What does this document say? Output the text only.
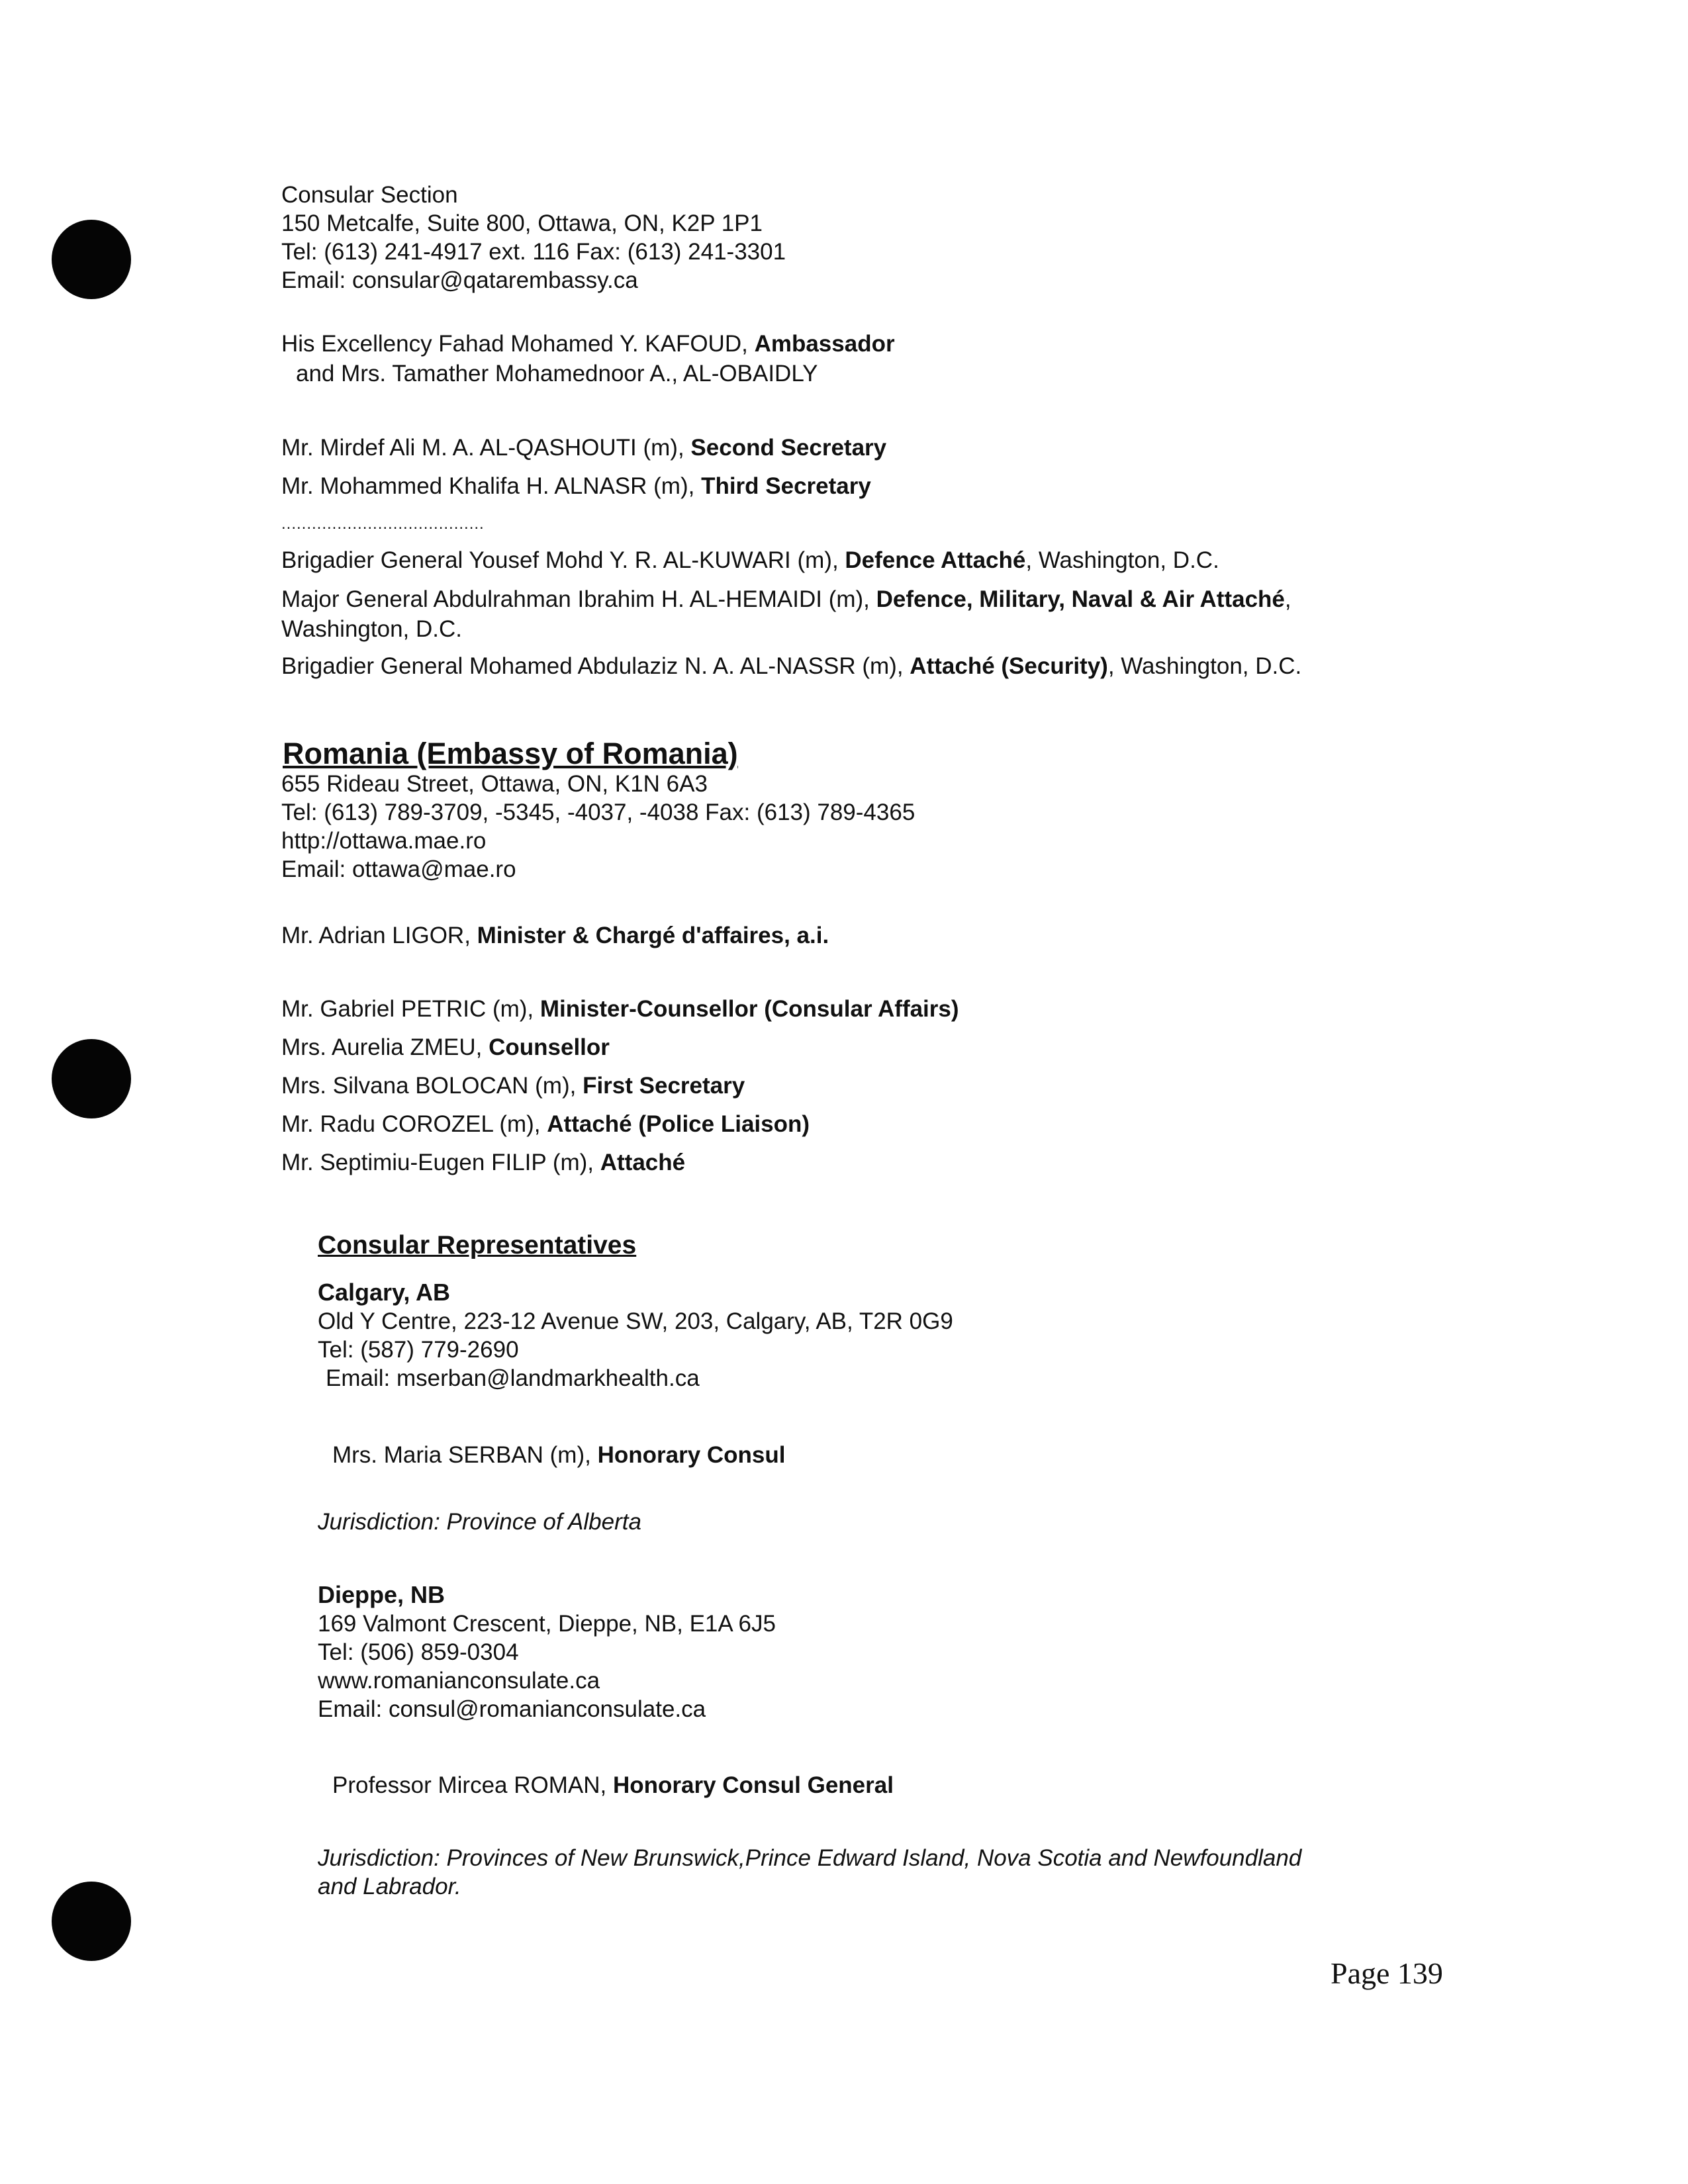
Consular Section
150 Metcalfe, Suite 800, Ottawa, ON, K2P 1P1
Tel: (613) 241-4917 ext. 116 Fax: (613) 241-3301
Email: consular@qatarembassy.ca
His Excellency Fahad Mohamed Y. KAFOUD, Ambassador
and Mrs. Tamather Mohamednoor A., AL-OBAIDLY
Mr. Mirdef Ali M. A. AL-QASHOUTI (m), Second Secretary
Mr. Mohammed Khalifa H. ALNASR (m), Third Secretary
........................................
Brigadier General Yousef Mohd Y. R. AL-KUWARI (m), Defence Attaché, Washington, D.C.
Major General Abdulrahman Ibrahim H. AL-HEMAIDI (m), Defence, Military, Naval & Air Attaché,
Washington, D.C.
Brigadier General Mohamed Abdulaziz N. A. AL-NASSR (m), Attaché (Security), Washington, D.C.
Romania (Embassy of Romania)
655 Rideau Street, Ottawa, ON, K1N 6A3
Tel: (613) 789-3709, -5345, -4037, -4038 Fax: (613) 789-4365
http://ottawa.mae.ro
Email: ottawa@mae.ro
Mr. Adrian LIGOR, Minister & Chargé d'affaires, a.i.
Mr. Gabriel PETRIC (m), Minister-Counsellor (Consular Affairs)
Mrs. Aurelia ZMEU, Counsellor
Mrs. Silvana BOLOCAN (m), First Secretary
Mr. Radu COROZEL (m), Attaché (Police Liaison)
Mr. Septimiu-Eugen FILIP (m), Attaché
Consular Representatives
Calgary, AB
Old Y Centre, 223-12 Avenue SW, 203, Calgary, AB, T2R 0G9
Tel: (587) 779-2690
Email: mserban@landmarkhealth.ca
Mrs. Maria SERBAN (m), Honorary Consul
Jurisdiction: Province of Alberta
Dieppe, NB
169 Valmont Crescent, Dieppe, NB, E1A 6J5
Tel: (506) 859-0304
www.romanianconsulate.ca
Email: consul@romanianconsulate.ca
Professor Mircea ROMAN, Honorary Consul General
Jurisdiction: Provinces of New Brunswick,Prince Edward Island, Nova Scotia and Newfoundland
and Labrador.
Page 139
